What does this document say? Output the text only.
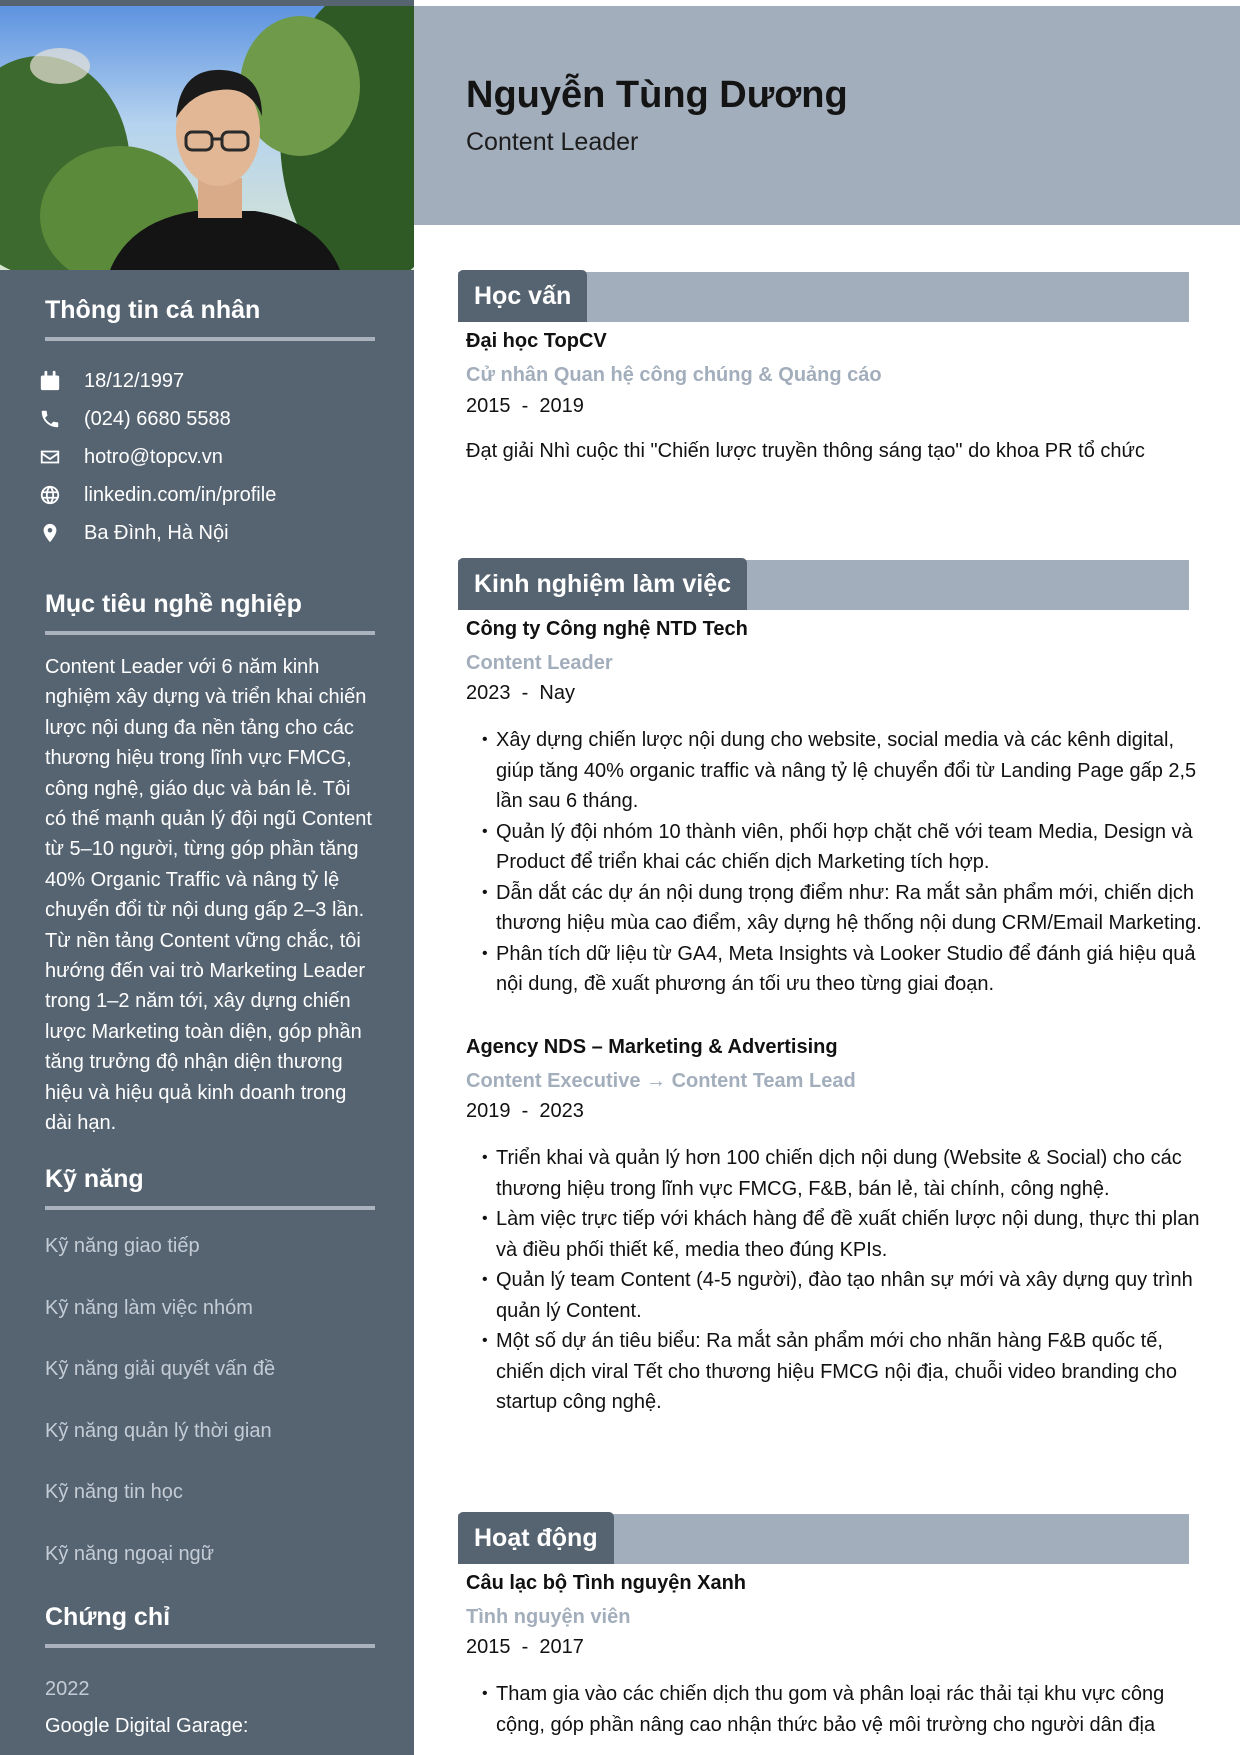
Thông tin cá nhân
18/12/1997
(024) 6680 5588
hotro@topcv.vn
linkedin.com/in/profile
Ba Đình, Hà Nội
Mục tiêu nghề nghiệp

Content Leader với 6 năm kinh nghiệm xây dựng và triển khai chiến lược nội dung đa nền tảng cho các thương hiệu trong lĩnh vực FMCG, công nghệ, giáo dục và bán lẻ. Tôi có thế mạnh quản lý đội ngũ Content từ 5–10 người, từng góp phần tăng 40% Organic Traffic và nâng tỷ lệ chuyển đổi từ nội dung gấp 2–3 lần. Từ nền tảng Content vững chắc, tôi hướng đến vai trò Marketing Leader trong 1–2 năm tới, xây dựng chiến lược Marketing toàn diện, góp phần tăng trưởng độ nhận diện thương hiệu và hiệu quả kinh doanh trong dài hạn.

Kỹ năng
Kỹ năng giao tiếp
Kỹ năng làm việc nhóm
Kỹ năng giải quyết vấn đề
Kỹ năng quản lý thời gian
Kỹ năng tin học
Kỹ năng ngoại ngữ
Chứng chỉ
2022
Google Digital Garage:
Nguyễn Tùng Dương
Content Leader
Học vấn
Đại học TopCV
Cử nhân Quan hệ công chúng & Quảng cáo
2015  -  2019
Đạt giải Nhì cuộc thi "Chiến lược truyền thông sáng tạo" do khoa PR tổ chức
Kinh nghiệm làm việc
Công ty Công nghệ NTD Tech
Content Leader
2023  -  Nay
• Xây dựng chiến lược nội dung cho website, social media và các kênh digital, giúp tăng 40% organic traffic và nâng tỷ lệ chuyển đổi từ Landing Page gấp 2,5 lần sau 6 tháng.
• Quản lý đội nhóm 10 thành viên, phối hợp chặt chẽ với team Media, Design và Product để triển khai các chiến dịch Marketing tích hợp.
• Dẫn dắt các dự án nội dung trọng điểm như: Ra mắt sản phẩm mới, chiến dịch thương hiệu mùa cao điểm, xây dựng hệ thống nội dung CRM/Email Marketing.
• Phân tích dữ liệu từ GA4, Meta Insights và Looker Studio để đánh giá hiệu quả nội dung, đề xuất phương án tối ưu theo từng giai đoạn.
Agency NDS – Marketing & Advertising
Content Executive → Content Team Lead
2019  -  2023
• Triển khai và quản lý hơn 100 chiến dịch nội dung (Website & Social) cho các thương hiệu trong lĩnh vực FMCG, F&B, bán lẻ, tài chính, công nghệ.
• Làm việc trực tiếp với khách hàng để đề xuất chiến lược nội dung, thực thi plan và điều phối thiết kế, media theo đúng KPIs.
• Quản lý team Content (4-5 người), đào tạo nhân sự mới và xây dựng quy trình quản lý Content.
• Một số dự án tiêu biểu: Ra mắt sản phẩm mới cho nhãn hàng F&B quốc tế, chiến dịch viral Tết cho thương hiệu FMCG nội địa, chuỗi video branding cho startup công nghệ.
Hoạt động
Câu lạc bộ Tình nguyện Xanh
Tình nguyện viên
2015  -  2017
• Tham gia vào các chiến dịch thu gom và phân loại rác thải tại khu vực công cộng, góp phần nâng cao nhận thức bảo vệ môi trường cho người dân địa
